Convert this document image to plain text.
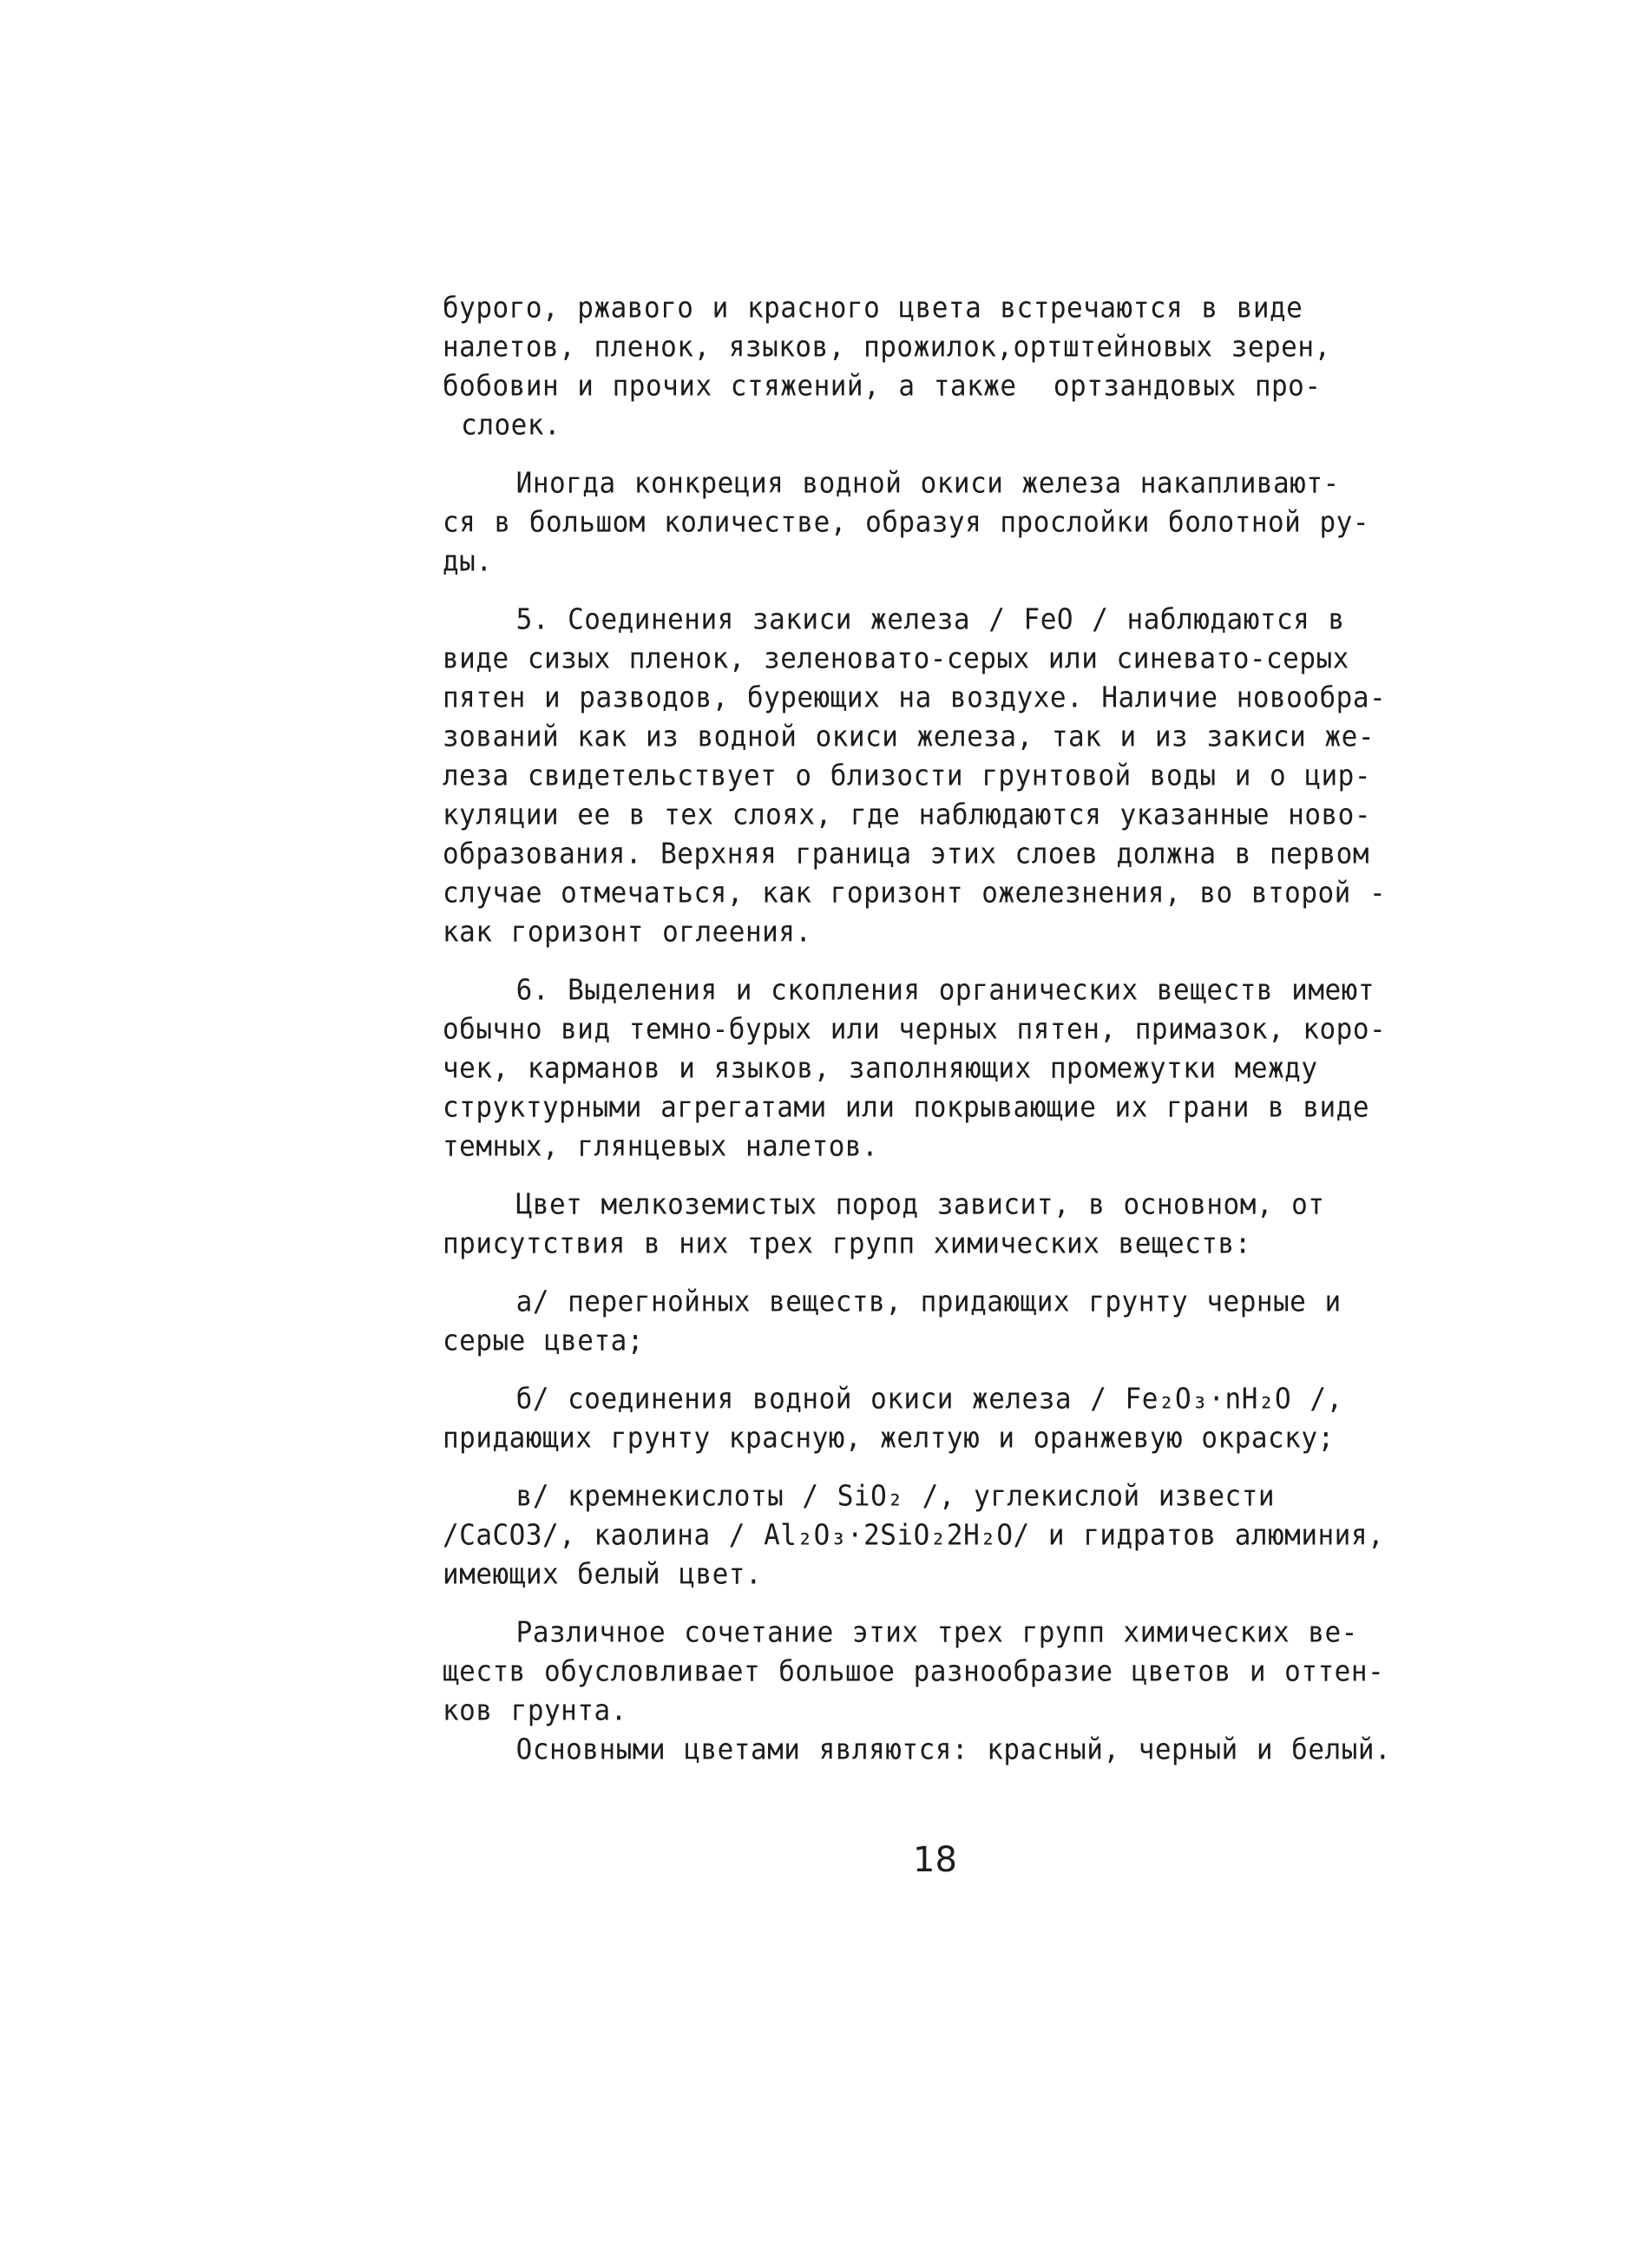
бурого, ржавого и красного цвета встречаются в виде
налетов, пленок, языков, прожилок,ортштейновых зерен,
бобовин и прочих стяжений, а также  ортзандовых про-
слоек.
Иногда конкреция водной окиси железа накапливают-
ся в большом количестве, образуя прослойки болотной ру-
ды.
5. Соединения закиси железа / FeO / наблюдаются в
виде сизых пленок, зеленовато-серых или синевато-серых
пятен и разводов, буреющих на воздухе. Наличие новообра-
зований как из водной окиси железа, так и из закиси же-
леза свидетельствует о близости грунтовой воды и о цир-
куляции ее в тех слоях, где наблюдаются указанные ново-
образования. Верхняя граница этих слоев должна в первом
случае отмечаться, как горизонт ожелезнения, во второй -
как горизонт оглеения.
6. Выделения и скопления органических веществ имеют
обычно вид темно-бурых или черных пятен, примазок, коро-
чек, карманов и языков, заполняющих промежутки между
структурными агрегатами или покрывающие их грани в виде
темных, глянцевых налетов.
Цвет мелкоземистых пород зависит, в основном, от
присутствия в них трех групп химических веществ:
а/ перегнойных веществ, придающих грунту черные и
серые цвета;
б/ соединения водной окиси железа / Fe₂O₃·nH₂O /,
придающих грунту красную, желтую и оранжевую окраску;
в/ кремнекислоты / SiO₂ /, углекислой извести
/CaCO3/, каолина / Al₂O₃·2SiO₂2H₂O/ и гидратов алюминия,
имеющих белый цвет.
Различное сочетание этих трех групп химических ве-
ществ обусловливает большое разнообразие цветов и оттен-
ков грунта.
Основными цветами являются: красный, черный и белый.
18
